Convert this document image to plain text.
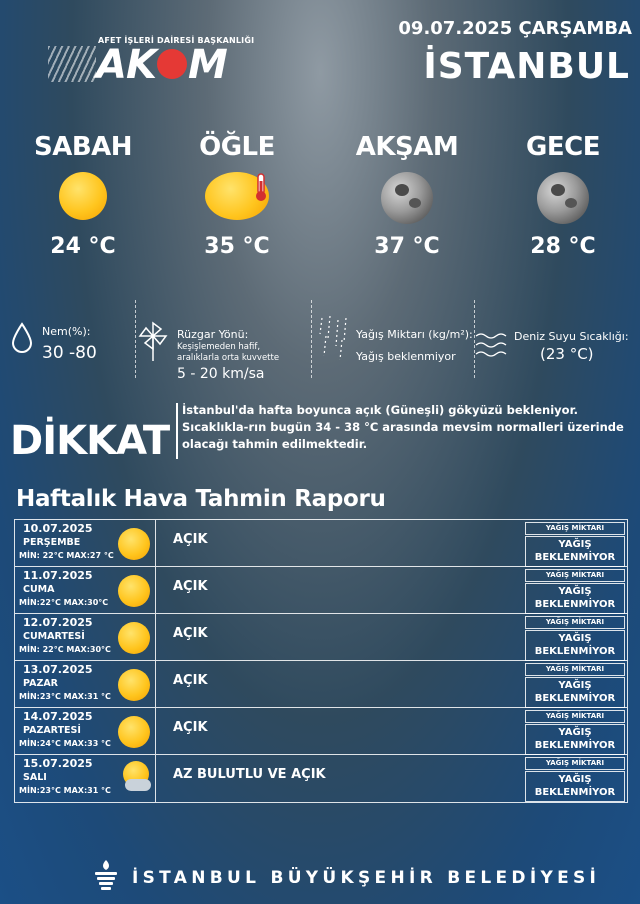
AFET İŞLERİ DAİRESİ BAŞKANLIĞI
AK M
09.07.2025 ÇARŞAMBA
İSTANBUL
SABAH
24 °C
ÖĞLE
35 °C
AKŞAM
37 °C
GECE
28 °C
Nem(%):
30 -80
Rüzgar Yönü:
Keşişlemeden hafif, aralıklarla orta kuvvette
5 - 20 km/sa
Yağış Miktarı (kg/m²):
Yağış beklenmiyor
Deniz Suyu Sıcaklığı:
(23 °C)
DİKKAT
İstanbul'da hafta boyunca açık (Güneşli) gökyüzü bekleniyor. Sıcaklıkla-rın bugün 34 - 38 °C arasında mevsim normalleri üzerinde olacağı tahmin edilmektedir.
Haftalık Hava Tahmin Raporu
10.07.2025
PERŞEMBE
MİN: 22°C MAX:27 °C
AÇIK
YAĞIŞ MİKTARI
YAĞIŞ BEKLENMİYOR
11.07.2025
CUMA
MİN:22°C MAX:30°C
AÇIK
YAĞIŞ MİKTARI
YAĞIŞ BEKLENMİYOR
12.07.2025
CUMARTESİ
MİN: 22°C MAX:30°C
AÇIK
YAĞIŞ MİKTARI
YAĞIŞ BEKLENMİYOR
13.07.2025
PAZAR
MİN:23°C MAX:31 °C
AÇIK
YAĞIŞ MİKTARI
YAĞIŞ BEKLENMİYOR
14.07.2025
PAZARTESİ
MİN:24°C MAX:33 °C
AÇIK
YAĞIŞ MİKTARI
YAĞIŞ BEKLENMİYOR
15.07.2025
SALI
MİN:23°C MAX:31 °C
AZ BULUTLU VE AÇIK
YAĞIŞ MİKTARI
YAĞIŞ BEKLENMİYOR
İSTANBUL BÜYÜKŞEHİR BELEDİYESİ
